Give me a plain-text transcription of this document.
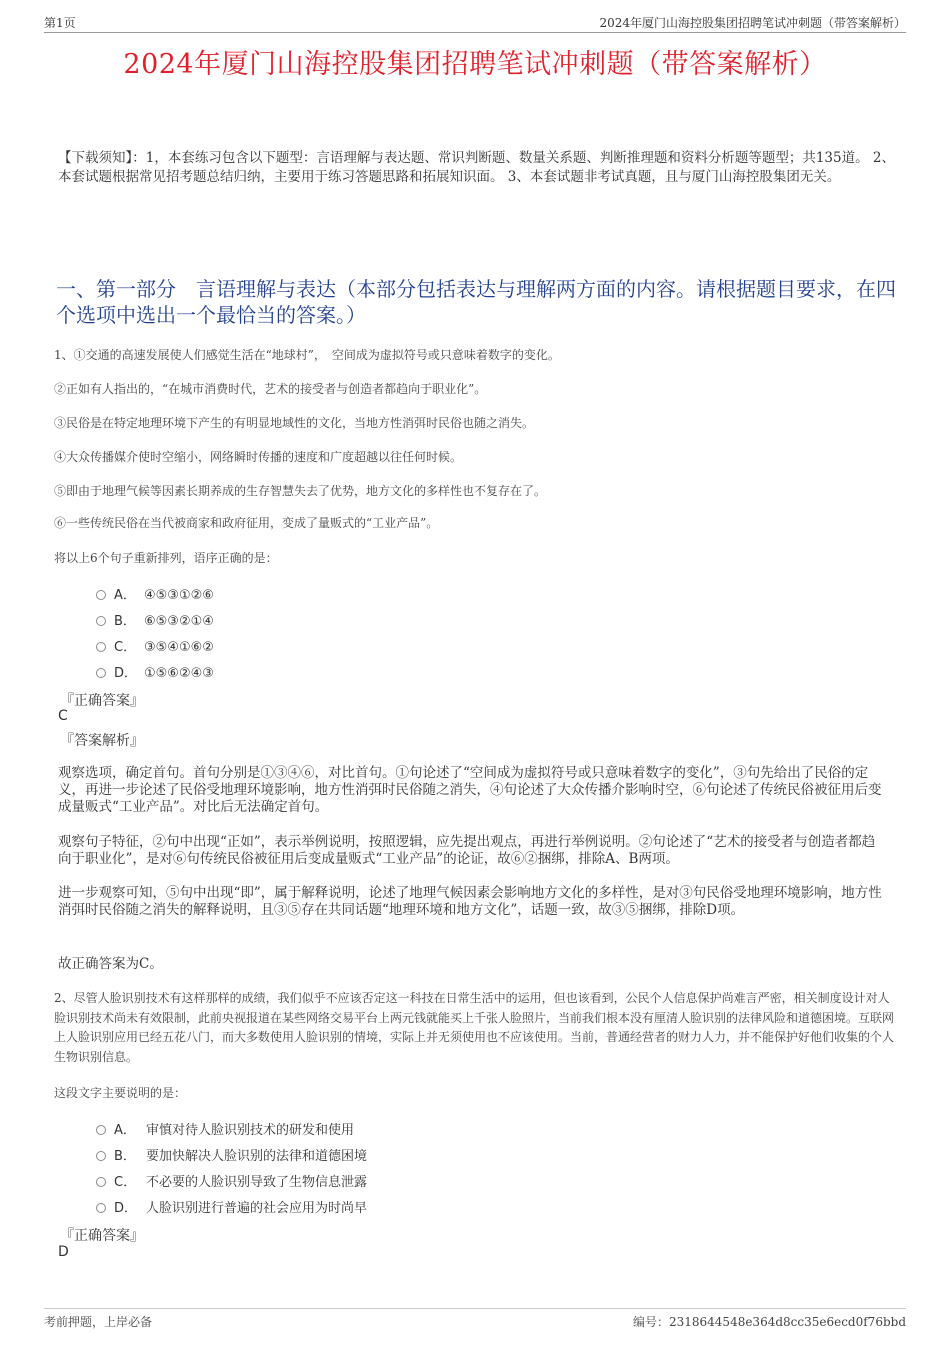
第1页	2024年厦门山海控股集团招聘笔试冲刺题（带答案解析）
2024年厦门山海控股集团招聘笔试冲刺题（带答案解析）
【下载须知】：1，本套练习包含以下题型：言语理解与表达题、常识判断题、数量关系题、判断推理题和资料分析题等题型；共135道。 2、本套试题根据常见招考题总结归纳，主要用于练习答题思路和拓展知识面。 3、本套试题非考试真题，且与厦门山海控股集团无关。
一、第一部分　言语理解与表达（本部分包括表达与理解两方面的内容。请根据题目要求，在四个选项中选出一个最恰当的答案。）
1、①交通的高速发展使人们感觉生活在“地球村”，　空间成为虚拟符号或只意味着数字的变化。
②正如有人指出的，“在城市消费时代，艺术的接受者与创造者都趋向于职业化”。
③民俗是在特定地理环境下产生的有明显地域性的文化，当地方性消弭时民俗也随之消失。
④大众传播媒介使时空缩小，网络瞬时传播的速度和广度超越以往任何时候。
⑤即由于地理气候等因素长期养成的生存智慧失去了优势，地方文化的多样性也不复存在了。
⑥一些传统民俗在当代被商家和政府征用，变成了量贩式的“工业产品”。
将以上6个句子重新排列，语序正确的是：
A． ④⑤③①②⑥
B． ⑥⑤③②①④
C． ③⑤④①⑥②
D． ①⑤⑥②④③
『正确答案』
C
『答案解析』
观察选项，确定首句。首句分别是①③④⑥，对比首句。①句论述了“空间成为虚拟符号或只意味着数字的变化”，③句先给出了民俗的定义，再进一步论述了民俗受地理环境影响，地方性消弭时民俗随之消失，④句论述了大众传播介影响时空，⑥句论述了传统民俗被征用后变成量贩式“工业产品”。对比后无法确定首句。
观察句子特征，②句中出现“正如”，表示举例说明，按照逻辑，应先提出观点，再进行举例说明。②句论述了“艺术的接受者与创造者都趋向于职业化”，是对⑥句传统民俗被征用后变成量贩式“工业产品”的论证，故⑥②捆绑，排除A、B两项。
进一步观察可知，⑤句中出现“即”，属于解释说明，论述了地理气候因素会影响地方文化的多样性，是对③句民俗受地理环境影响，地方性消弭时民俗随之消失的解释说明，且③⑤存在共同话题“地理环境和地方文化”，话题一致，故③⑤捆绑，排除D项。
故正确答案为C。
2、尽管人脸识别技术有这样那样的成绩，我们似乎不应该否定这一科技在日常生活中的运用，但也该看到，公民个人信息保护尚难言严密，相关制度设计对人脸识别技术尚未有效限制，此前央视报道在某些网络交易平台上两元钱就能买上千张人脸照片，当前我们根本没有厘清人脸识别的法律风险和道德困境。互联网上人脸识别应用已经五花八门，而大多数使用人脸识别的情境，实际上并无须使用也不应该使用。当前，普通经营者的财力人力，并不能保护好他们收集的个人生物识别信息。
这段文字主要说明的是：
A． 审慎对待人脸识别技术的研发和使用
B． 要加快解决人脸识别的法律和道德困境
C． 不必要的人脸识别导致了生物信息泄露
D． 人脸识别进行普遍的社会应用为时尚早
『正确答案』
D
考前押题，上岸必备	编号：2318644548e364d8cc35e6ecd0f76bbd
